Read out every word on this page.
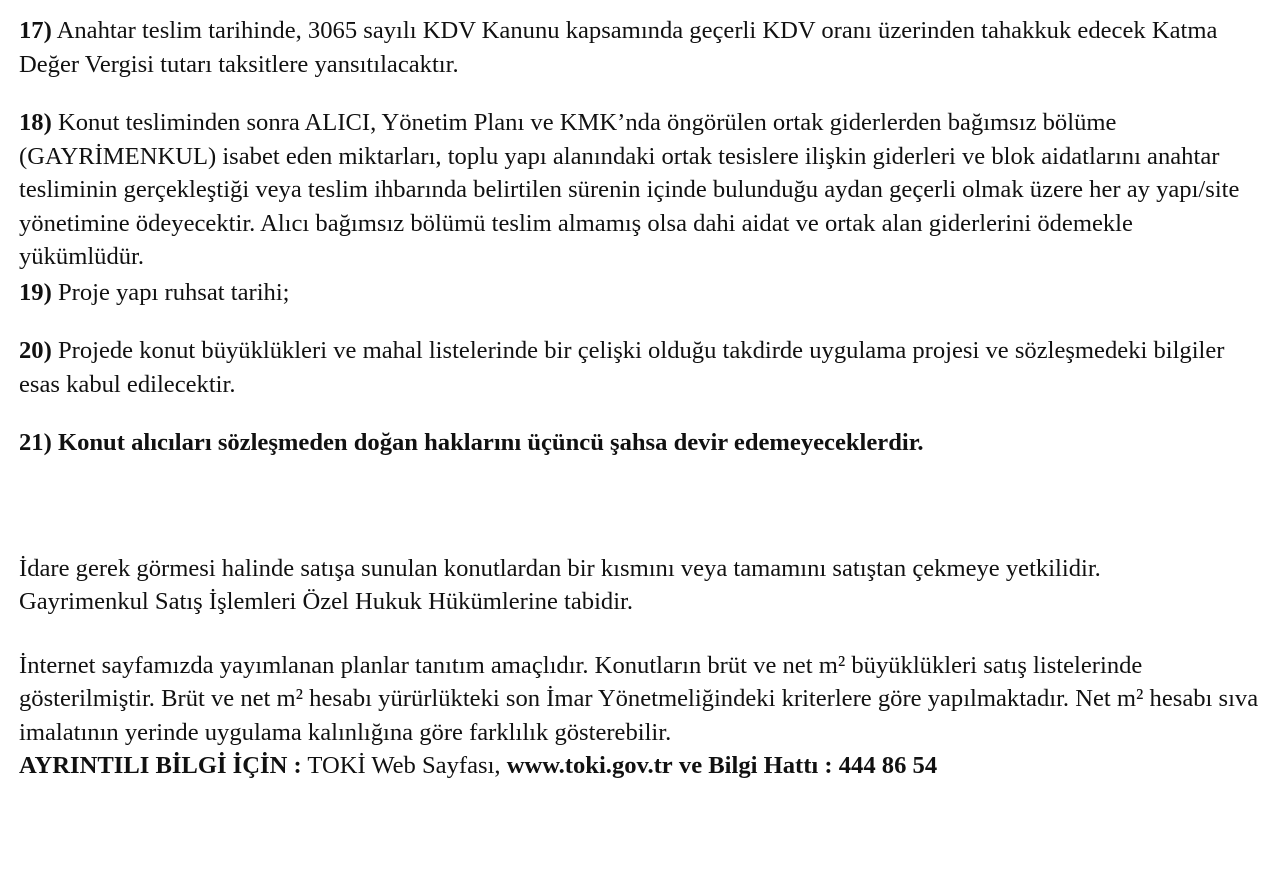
17) Anahtar teslim tarihinde, 3065 sayılı KDV Kanunu kapsamında geçerli KDV oranı üzerinden tahakkuk edecek Katma Değer Vergisi tutarı taksitlere yansıtılacaktır.

18) Konut tesliminden sonra ALICI, Yönetim Planı ve KMK’nda öngörülen ortak giderlerden bağımsız bölüme (GAYRİMENKUL) isabet eden miktarları, toplu yapı alanındaki ortak tesislere ilişkin giderleri ve blok aidatlarını anahtar tesliminin gerçekleştiği veya teslim ihbarında belirtilen sürenin içinde bulunduğu aydan geçerli olmak üzere her ay yapı/site yönetimine ödeyecektir. Alıcı bağımsız bölümü teslim almamış olsa dahi aidat ve ortak alan giderlerini ödemekle yükümlüdür.

19) Proje yapı ruhsat tarihi;

20) Projede konut büyüklükleri ve mahal listelerinde bir çelişki olduğu takdirde uygulama projesi ve sözleşmedeki bilgiler esas kabul edilecektir.

21) Konut alıcıları sözleşmeden doğan haklarını üçüncü şahsa devir edemeyeceklerdir.

İdare gerek görmesi halinde satışa sunulan konutlardan bir kısmını veya tamamını satıştan çekmeye yetkilidir.

Gayrimenkul Satış İşlemleri Özel Hukuk Hükümlerine tabidir.

İnternet sayfamızda yayımlanan planlar tanıtım amaçlıdır. Konutların brüt ve net m² büyüklükleri satış listelerinde gösterilmiştir. Brüt ve net m² hesabı yürürlükteki son İmar Yönetmeliğindeki kriterlere göre yapılmaktadır. Net m² hesabı sıva imalatının yerinde uygulama kalınlığına göre farklılık gösterebilir.

AYRINTILI BİLGİ İÇİN : TOKİ Web Sayfası, www.toki.gov.tr ve Bilgi Hattı : 444 86 54
